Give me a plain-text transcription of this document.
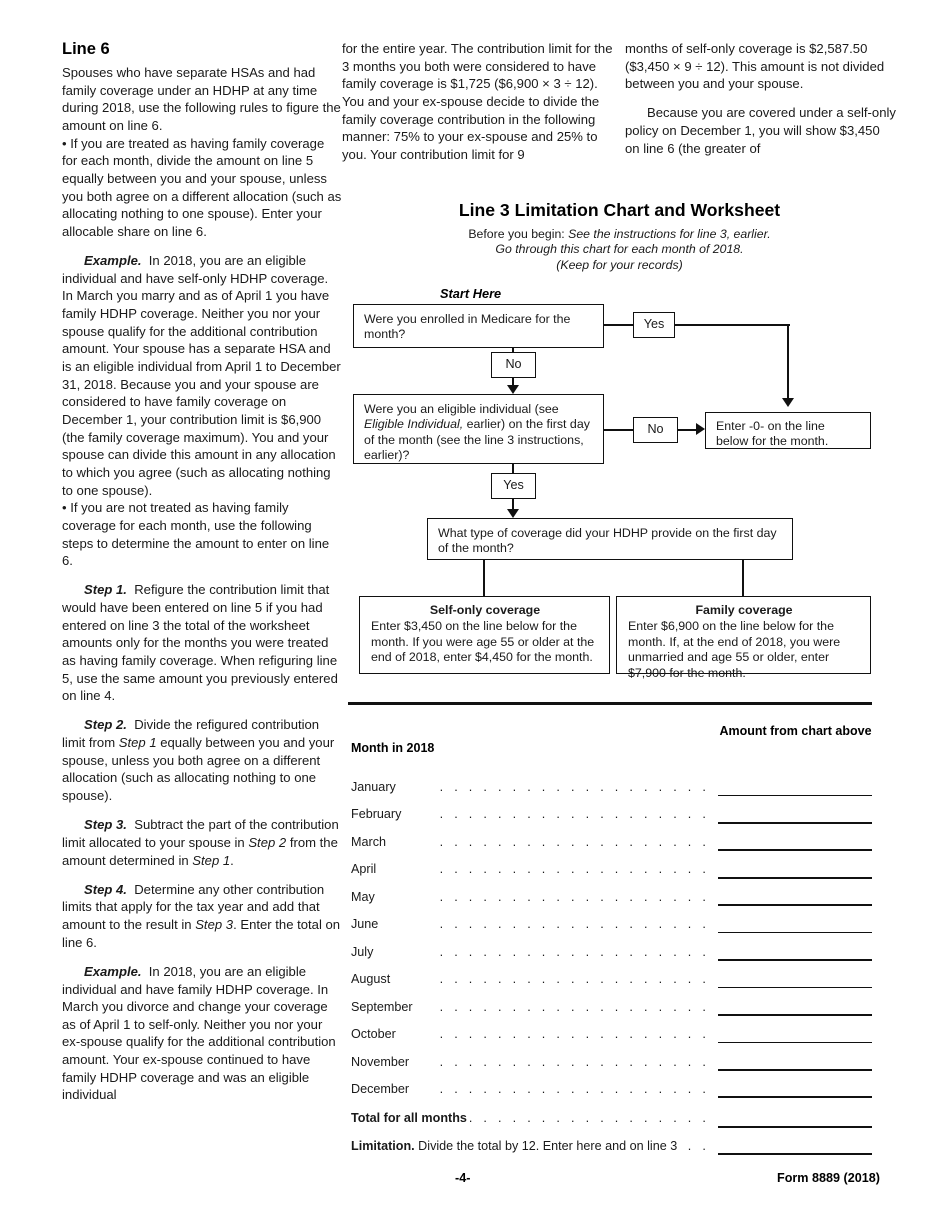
Line 6

Spouses who have separate HSAs and had family coverage under an HDHP at any time during 2018, use the following rules to figure the amount on line 6.

• If you are treated as having family coverage for each month, divide the amount on line 5 equally between you and your spouse, unless you both agree on a different allocation (such as allocating nothing to one spouse). Enter your allocable share on line 6.

Example. In 2018, you are an eligible individual and have self-only HDHP coverage. In March you marry and as of April 1 you have family HDHP coverage. Neither you nor your spouse qualify for the additional contribution amount. Your spouse has a separate HSA and is an eligible individual from April 1 to December 31, 2018. Because you and your spouse are considered to have family coverage on December 1, your contribution limit is $6,900 (the family coverage maximum). You and your spouse can divide this amount in any allocation to which you agree (such as allocating nothing to one spouse).

• If you are not treated as having family coverage for each month, use the following steps to determine the amount to enter on line 6.

Step 1. Refigure the contribution limit that would have been entered on line 5 if you had entered on line 3 the total of the worksheet amounts only for the months you were treated as having family coverage. When refiguring line 5, use the same amount you previously entered on line 4.

Step 2. Divide the refigured contribution limit from Step 1 equally between you and your spouse, unless you both agree on a different allocation (such as allocating nothing to one spouse).

Step 3. Subtract the part of the contribution limit allocated to your spouse in Step 2 from the amount determined in Step 1.

Step 4. Determine any other contribution limits that apply for the tax year and add that amount to the result in Step 3. Enter the total on line 6.

Example. In 2018, you are an eligible individual and have family HDHP coverage. In March you divorce and change your coverage as of April 1 to self-only. Neither you nor your ex-spouse qualify for the additional contribution amount. Your ex-spouse continued to have family HDHP coverage and was an eligible individual

for the entire year. The contribution limit for the 3 months you both were considered to have family coverage is $1,725 ($6,900 × 3 ÷ 12). You and your ex-spouse decide to divide the family coverage contribution in the following manner: 75% to your ex-spouse and 25% to you. Your contribution limit for 9

months of self-only coverage is $2,587.50 ($3,450 × 9 ÷ 12). This amount is not divided between you and your spouse.

Because you are covered under a self-only policy on December 1, you will show $3,450 on line 6 (the greater of

Line 3 Limitation Chart and Worksheet
Before you begin: See the instructions for line 3, earlier.
Go through this chart for each month of 2018.
(Keep for your records)
Start Here
Were you enrolled in Medicare for the month?
Yes
No
Were you an eligible individual (see Eligible Individual, earlier) on the first day of the month (see the line 3 instructions, earlier)?
No	Enter -0- on the line below for the month.
Yes
What type of coverage did your HDHP provide on the first day of the month?
Self-only coverage
Enter $3,450 on the line below for the month. If you were age 55 or older at the end of 2018, enter $4,450 for the month.
Family coverage
Enter $6,900 on the line below for the month. If, at the end of 2018, you were unmarried and age 55 or older, enter $7,900 for the month.
Month in 2018
Amount from chart above
January	...................
February	...................
March	...................
April	...................
May	...................
June	...................
July	...................
August	...................
September ...................
October	...................
November ...................
December ...................
Total for all months .................
Limitation. Divide the total by 12. Enter here and on line 3 ..
-4-	Form 8889 (2018)
